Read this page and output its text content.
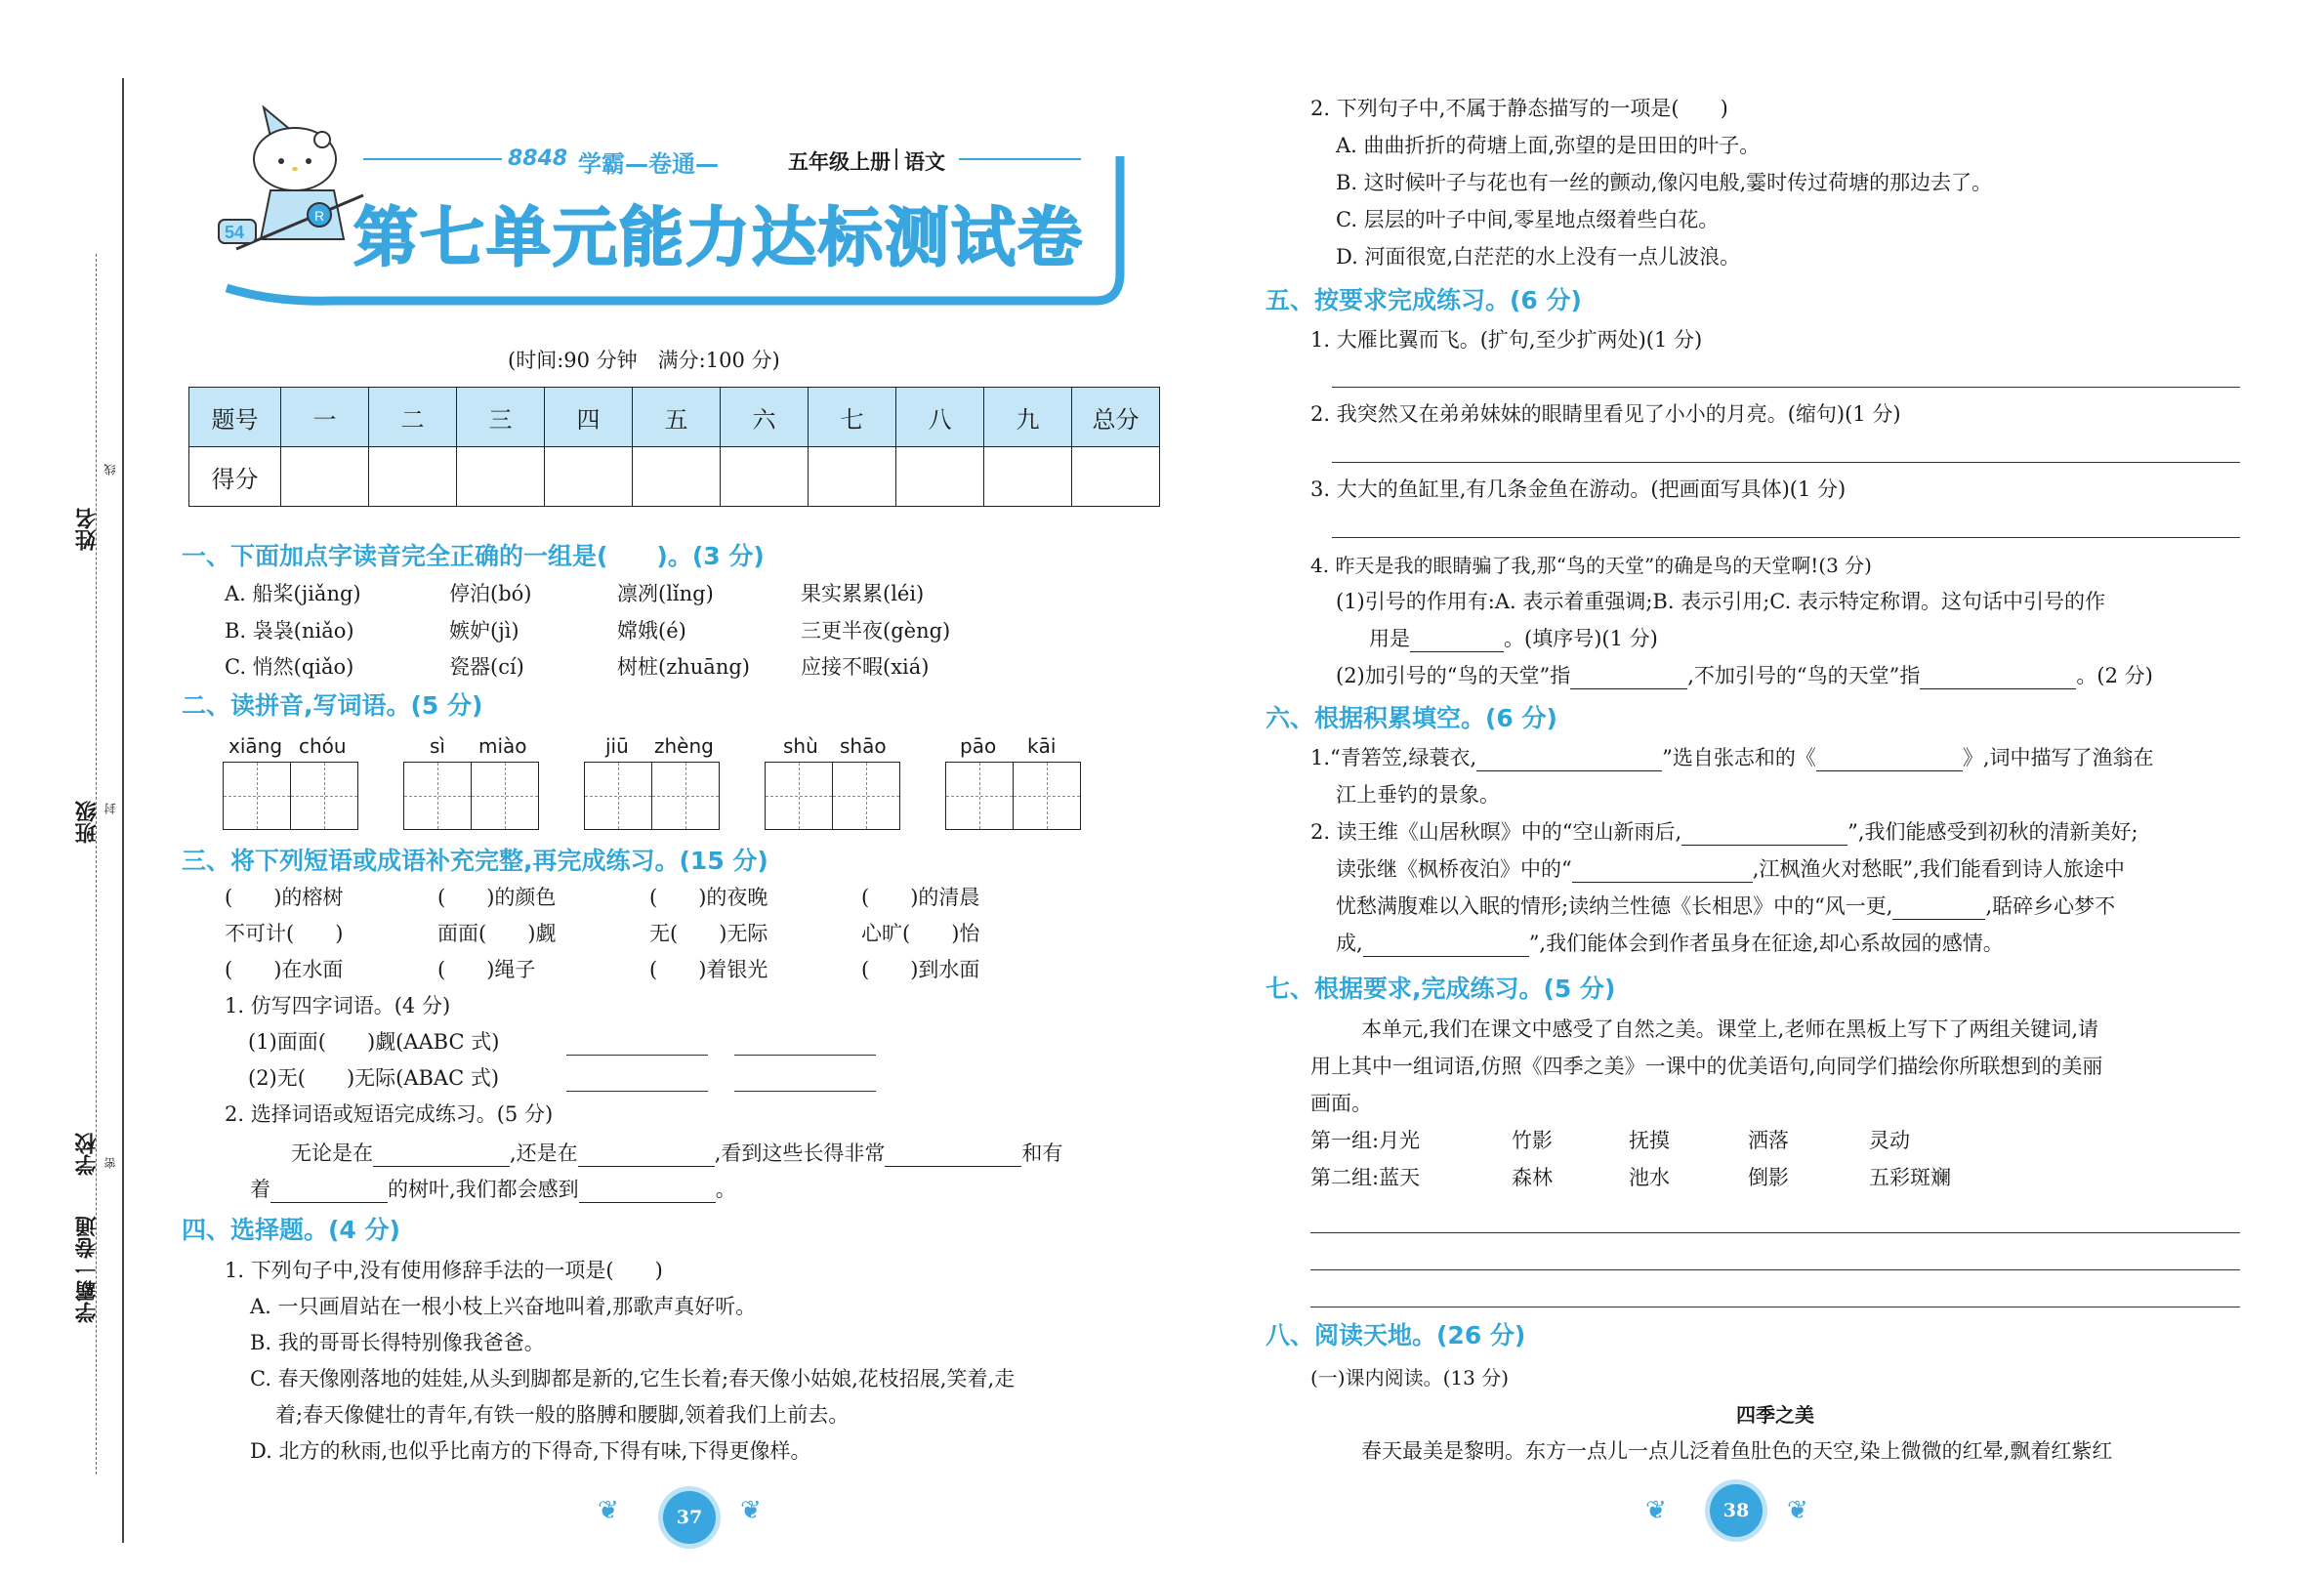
姓名
线
班级 封
学校 密
学霸一卷通
R
54
8848 学霸—卷通—	五年级上册 语文
第七单元能力达标测试卷
(时间:90 分钟　满分:100 分)
题号	一	二	三	四	五	六	七	八	九	总分
得分										
一、下面加点字读音完全正确的一组是(　　)。(3 分)
A. 船桨(jiǎng)	停泊(bó)	凛冽(lǐng)	果实累累(léi)
B. 袅袅(niǎo)	嫉妒(jì)	嫦娥(é)	三更半夜(gèng)
C. 悄然(qiǎo)	瓷器(cí)	树桩(zhuāng) 应接不暇(xiá)
二、读拼音,写词语。(5 分)
xiāng chóu	sì miào	jiū zhèng	shù shāo	pāo kāi
三、将下列短语或成语补充完整,再完成练习。(15 分)
(　　)的榕树	(　　)的颜色	(　　)的夜晚	(　　)的清晨
不可计(　　)	面面(　　)觑	无(　　)无际	心旷(　　)怡
(　　)在水面	(　　)绳子	(　　)着银光	(　　)到水面
1. 仿写四字词语。(4 分)
(1)面面(　　)觑(AABC 式)
(2)无(　　)无际(ABAC 式)
2. 选择词语或短语完成练习。(5 分)
无论是在	,还是在	,看到这些长得非常	和有
着	的树叶,我们都会感到	。
四、选择题。(4 分)
1. 下列句子中,没有使用修辞手法的一项是(　　)
A. 一只画眉站在一根小枝上兴奋地叫着,那歌声真好听。
B. 我的哥哥长得特别像我爸爸。
C. 春天像刚落地的娃娃,从头到脚都是新的,它生长着;春天像小姑娘,花枝招展,笑着,走
着;春天像健壮的青年,有铁一般的胳膊和腰脚,领着我们上前去。
D. 北方的秋雨,也似乎比南方的下得奇,下得有味,下得更像样。
❦	37	❦
2. 下列句子中,不属于静态描写的一项是(　　)
A. 曲曲折折的荷塘上面,弥望的是田田的叶子。
B. 这时候叶子与花也有一丝的颤动,像闪电般,霎时传过荷塘的那边去了。
C. 层层的叶子中间,零星地点缀着些白花。
D. 河面很宽,白茫茫的水上没有一点儿波浪。
五、按要求完成练习。(6 分)
1. 大雁比翼而飞。(扩句,至少扩两处)(1 分)
2. 我突然又在弟弟妹妹的眼睛里看见了小小的月亮。(缩句)(1 分)
3. 大大的鱼缸里,有几条金鱼在游动。(把画面写具体)(1 分)
4. 昨天是我的眼睛骗了我,那“鸟的天堂”的确是鸟的天堂啊!(3 分)
(1)引号的作用有:A. 表示着重强调;B. 表示引用;C. 表示特定称谓。这句话中引号的作
用是	。(填序号)(1 分)
(2)加引号的“鸟的天堂”指	,不加引号的“鸟的天堂”指	。(2 分)
六、根据积累填空。(6 分)
1.“青箬笠,绿蓑衣,	”选自张志和的《	》,词中描写了渔翁在
江上垂钓的景象。
2. 读王维《山居秋暝》中的“空山新雨后,	”,我们能感受到初秋的清新美好;
读张继《枫桥夜泊》中的“	,江枫渔火对愁眠”,我们能看到诗人旅途中
忧愁满腹难以入眠的情形;读纳兰性德《长相思》中的“风一更,	,聒碎乡心梦不
成,	”,我们能体会到作者虽身在征途,却心系故园的感情。
七、根据要求,完成练习。(5 分)
本单元,我们在课文中感受了自然之美。课堂上,老师在黑板上写下了两组关键词,请
用上其中一组词语,仿照《四季之美》一课中的优美语句,向同学们描绘你所联想到的美丽
画面。
第一组:月光	竹影	抚摸	洒落	灵动
第二组:蓝天	森林	池水	倒影	五彩斑斓
八、阅读天地。(26 分)
(一)课内阅读。(13 分)
四季之美
春天最美是黎明。东方一点儿一点儿泛着鱼肚色的天空,染上微微的红晕,飘着红紫红
❦	38	❦
